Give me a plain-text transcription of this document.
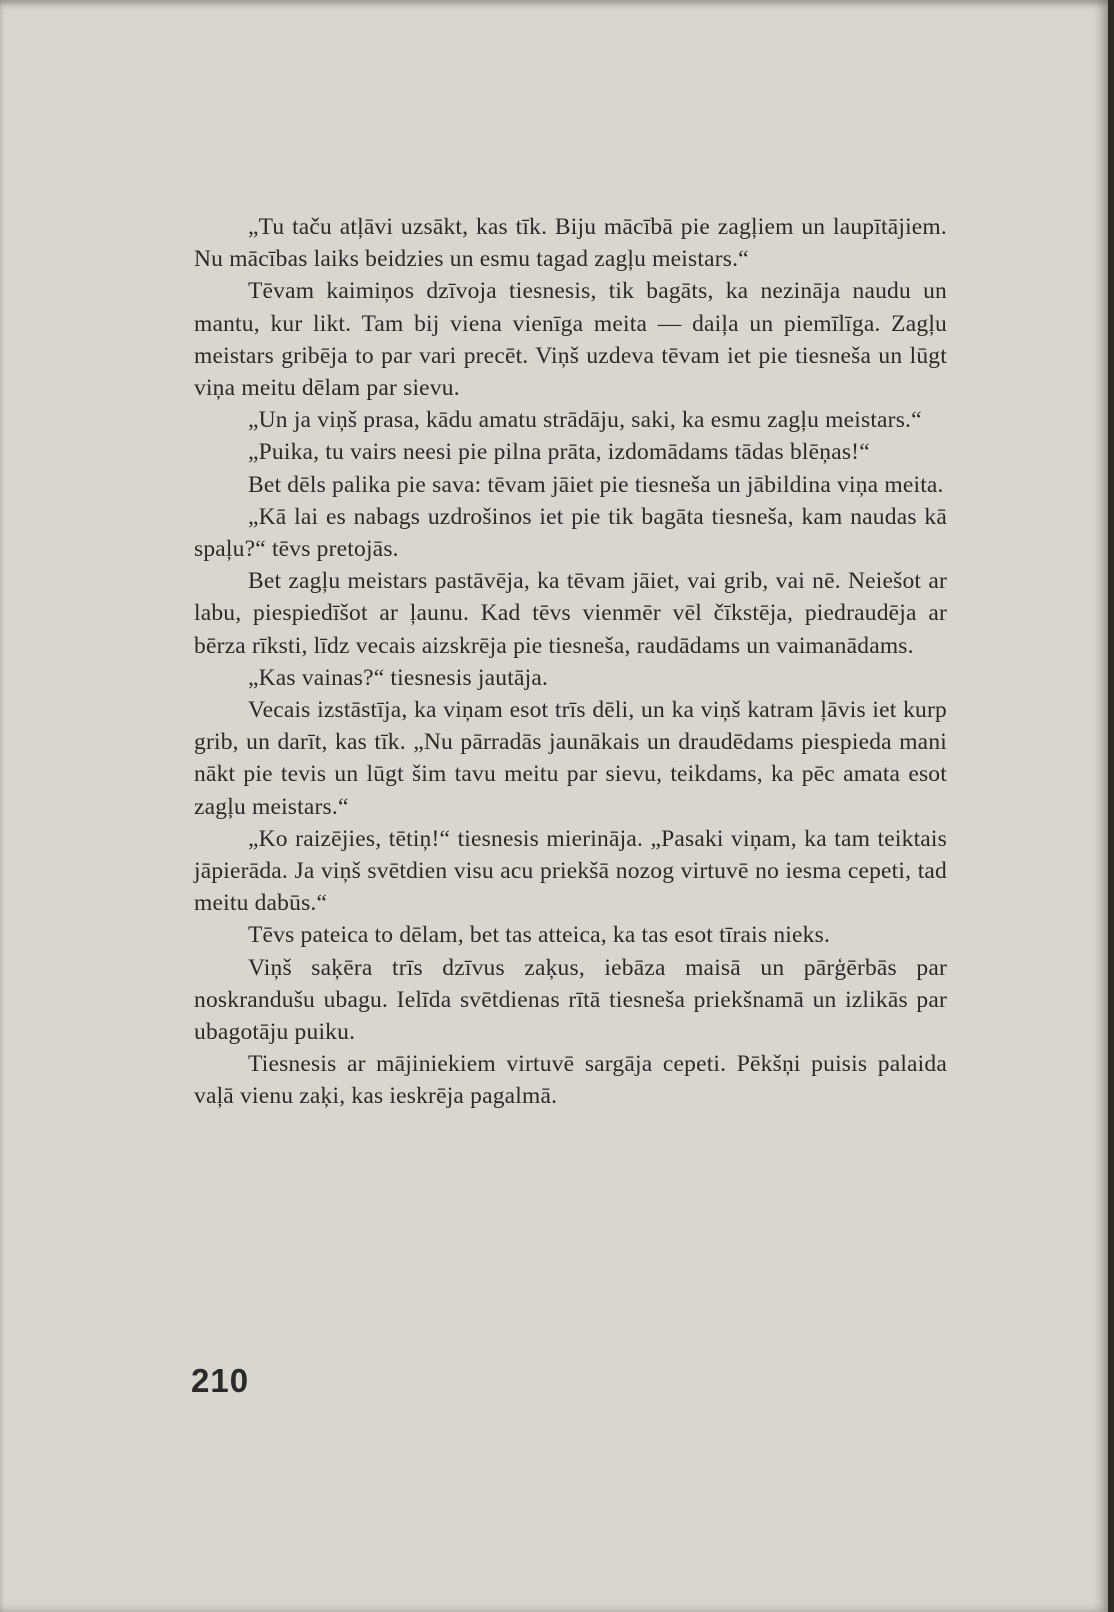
„Tu taču atļāvi uzsākt, kas tīk. Biju mācībā pie zagļiem un laupītājiem. Nu mācības laiks beidzies un esmu tagad zagļu meistars.“

Tēvam kaimiņos dzīvoja tiesnesis, tik bagāts, ka nezināja naudu un mantu, kur likt. Tam bij viena vienīga meita — daiļa un piemīlīga. Zagļu meistars gribēja to par vari precēt. Viņš uzdeva tēvam iet pie tiesneša un lūgt viņa meitu dēlam par sievu.

„Un ja viņš prasa, kādu amatu strādāju, saki, ka esmu zagļu meistars.“

„Puika, tu vairs neesi pie pilna prāta, izdomādams tādas blēņas!“

Bet dēls palika pie sava: tēvam jāiet pie tiesneša un jābildina viņa meita.

„Kā lai es nabags uzdrošinos iet pie tik bagāta tiesneša, kam naudas kā spaļu?“ tēvs pretojās.

Bet zagļu meistars pastāvēja, ka tēvam jāiet, vai grib, vai nē. Neiešot ar labu, piespiedīšot ar ļaunu. Kad tēvs vienmēr vēl čīkstēja, piedraudēja ar bērza rīksti, līdz vecais aizskrēja pie tiesneša, raudādams un vaimanādams.

„Kas vainas?“ tiesnesis jautāja.

Vecais izstāstīja, ka viņam esot trīs dēli, un ka viņš katram ļāvis iet kurp grib, un darīt, kas tīk. „Nu pārradās jaunākais un draudēdams piespieda mani nākt pie tevis un lūgt šim tavu meitu par sievu, teikdams, ka pēc amata esot zagļu meistars.“

„Ko raizējies, tētiņ!“ tiesnesis mierināja. „Pasaki viņam, ka tam teiktais jāpierāda. Ja viņš svētdien visu acu priekšā nozog virtuvē no iesma cepeti, tad meitu dabūs.“

Tēvs pateica to dēlam, bet tas atteica, ka tas esot tīrais nieks.

Viņš saķēra trīs dzīvus zaķus, iebāza maisā un pārģērbās par noskrandušu ubagu. Ielīda svētdienas rītā tiesneša priekšnamā un izlikās par ubagotāju puiku.

Tiesnesis ar mājiniekiem virtuvē sargāja cepeti. Pēkšņi puisis palaida vaļā vienu zaķi, kas ieskrēja pagalmā.

210
